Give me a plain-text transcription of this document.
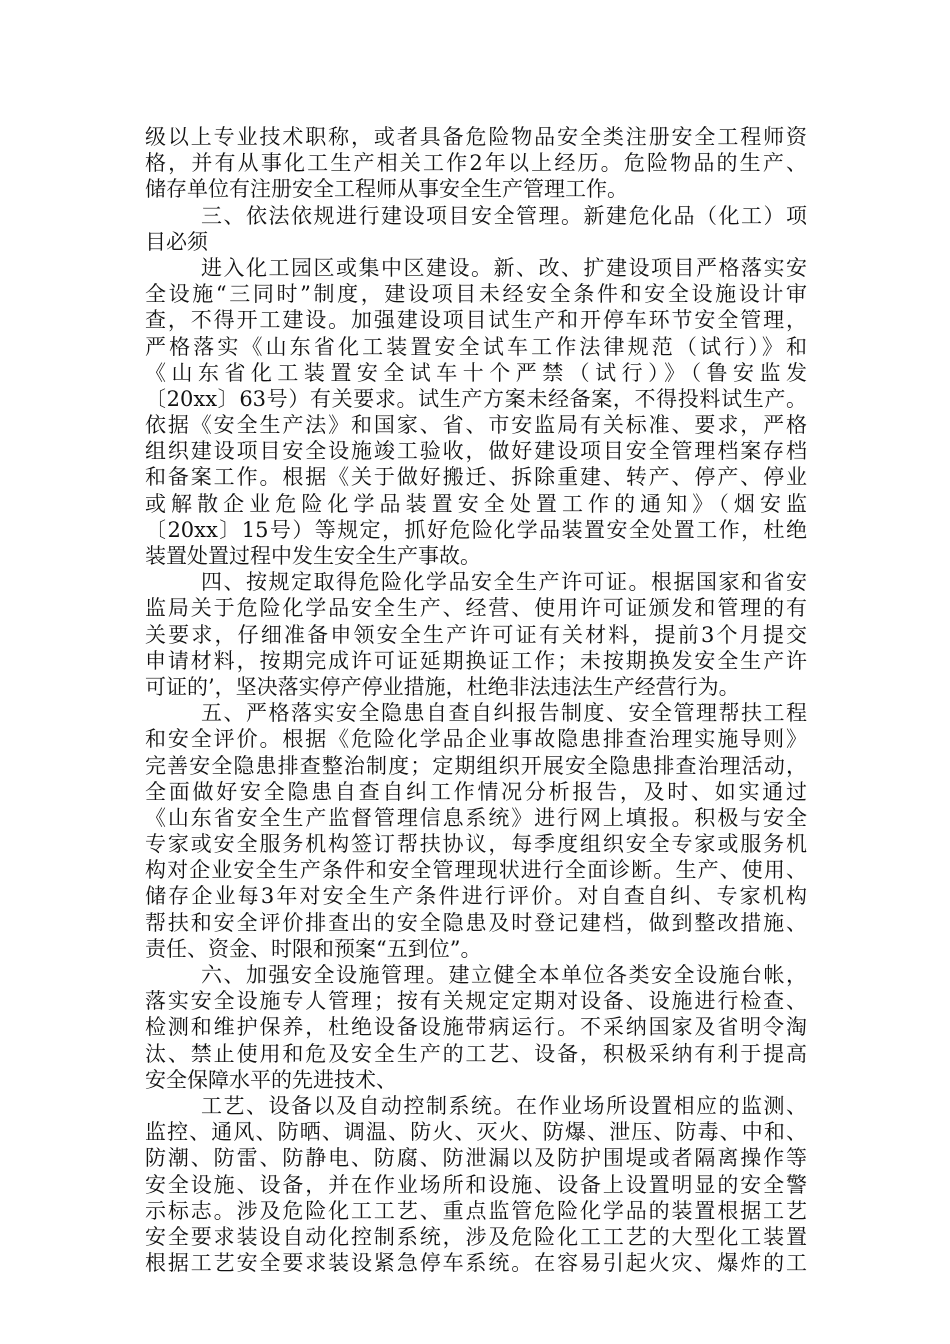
级以上专业技术职称，或者具备危险物品安全类注册安全工程师资
格，并有从事化工生产相关工作2年以上经历。危险物品的生产、
储存单位有注册安全工程师从事安全生产管理工作。
三、依法依规进行建设项目安全管理。新建危化品（化工）项
目必须
进入化工园区或集中区建设。新、改、扩建设项目严格落实安
全设施“三同时”制度，建设项目未经安全条件和安全设施设计审
查，不得开工建设。加强建设项目试生产和开停车环节安全管理，
严格落实《山东省化工装置安全试车工作法律规范（试行）》和
《山东省化工装置安全试车十个严禁（试行）》（鲁安监发
〔20xx〕63号）有关要求。试生产方案未经备案，不得投料试生产。
依据《安全生产法》和国家、省、市安监局有关标准、要求，严格
组织建设项目安全设施竣工验收，做好建设项目安全管理档案存档
和备案工作。根据《关于做好搬迁、拆除重建、转产、停产、停业
或解散企业危险化学品装置安全处置工作的通知》（烟安监
〔20xx〕15号）等规定，抓好危险化学品装置安全处置工作，杜绝
装置处置过程中发生安全生产事故。
四、按规定取得危险化学品安全生产许可证。根据国家和省安
监局关于危险化学品安全生产、经营、使用许可证颁发和管理的有
关要求，仔细准备申领安全生产许可证有关材料，提前3个月提交
申请材料，按期完成许可证延期换证工作；未按期换发安全生产许
可证的’，坚决落实停产停业措施，杜绝非法违法生产经营行为。
五、严格落实安全隐患自查自纠报告制度、安全管理帮扶工程
和安全评价。根据《危险化学品企业事故隐患排查治理实施导则》
完善安全隐患排查整治制度；定期组织开展安全隐患排查治理活动，
全面做好安全隐患自查自纠工作情况分析报告，及时、如实通过
《山东省安全生产监督管理信息系统》进行网上填报。积极与安全
专家或安全服务机构签订帮扶协议，每季度组织安全专家或服务机
构对企业安全生产条件和安全管理现状进行全面诊断。生产、使用、
储存企业每3年对安全生产条件进行评价。对自查自纠、专家机构
帮扶和安全评价排查出的安全隐患及时登记建档，做到整改措施、
责任、资金、时限和预案“五到位”。
六、加强安全设施管理。建立健全本单位各类安全设施台帐，
落实安全设施专人管理；按有关规定定期对设备、设施进行检查、
检测和维护保养，杜绝设备设施带病运行。不采纳国家及省明令淘
汰、禁止使用和危及安全生产的工艺、设备，积极采纳有利于提高
安全保障水平的先进技术、
工艺、设备以及自动控制系统。在作业场所设置相应的监测、
监控、通风、防晒、调温、防火、灭火、防爆、泄压、防毒、中和、
防潮、防雷、防静电、防腐、防泄漏以及防护围堤或者隔离操作等
安全设施、设备，并在作业场所和设施、设备上设置明显的安全警
示标志。涉及危险化工工艺、重点监管危险化学品的装置根据工艺
安全要求装设自动化控制系统，涉及危险化工工艺的大型化工装置
根据工艺安全要求装设紧急停车系统。在容易引起火灾、爆炸的工
